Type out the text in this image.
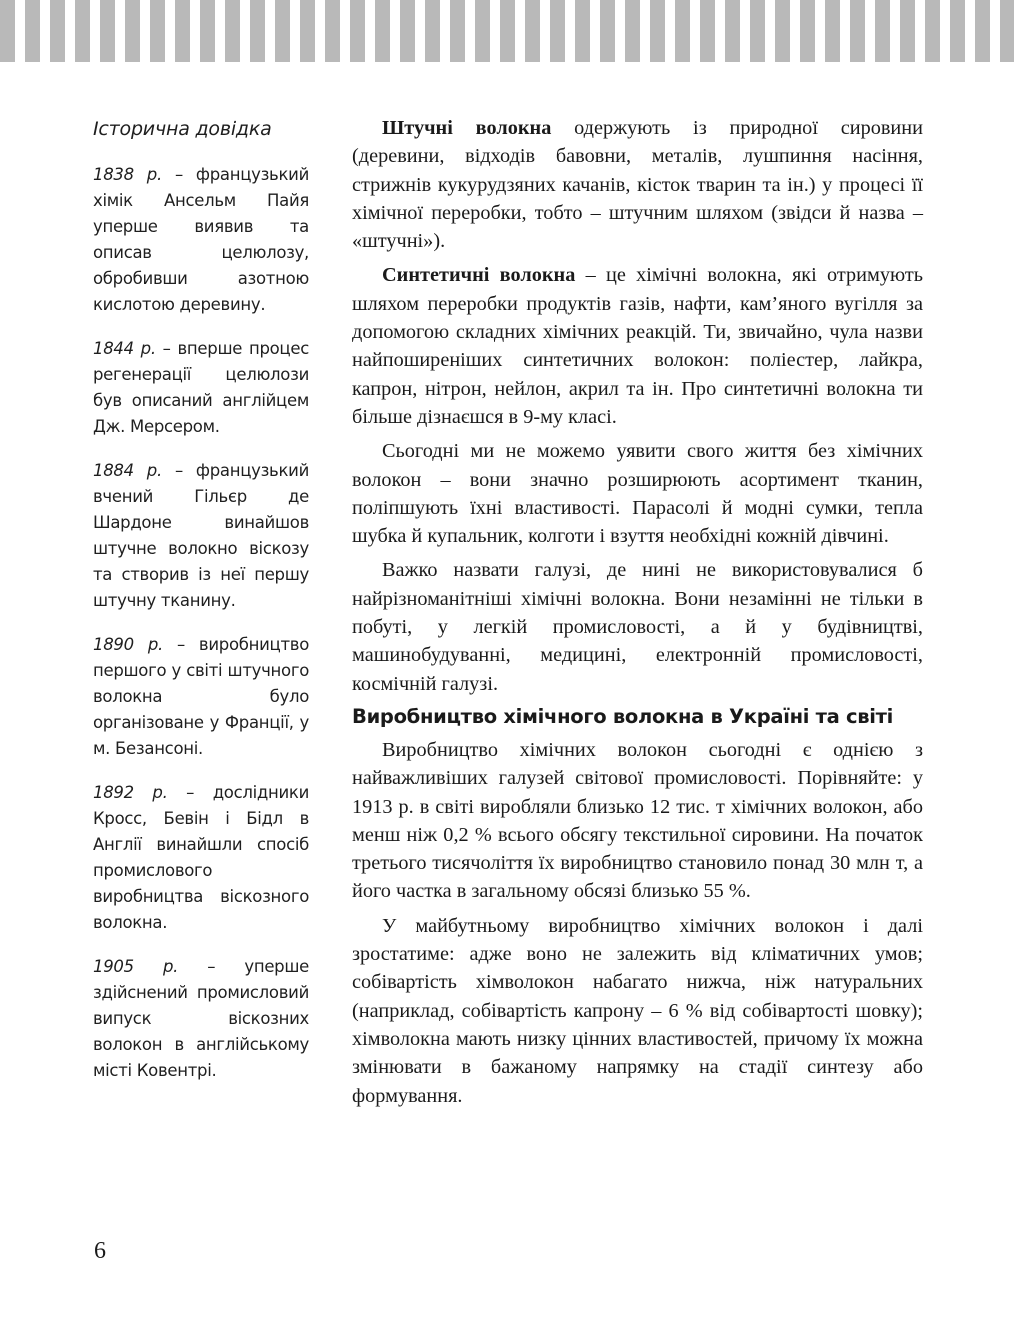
Історична довідка
1838 р. – французький хімік Ансельм Пайя уперше виявив та описав целюлозу, обробивши азотною кислотою деревину.
1844 р. – вперше процес регенерації целюлози був описаний англійцем Дж. Мерсером.
1884 р. – французький вчений Гільєр де Шардоне винайшов штучне волокно віскозу та створив із неї першу штучну тканину.
1890 р. – виробництво першого у світі штучного волокна було організоване у Франції, у м. Безансоні.
1892 р. – дослідники Кросс, Бевін і Бідл в Англії винайшли спосіб промислового виробництва віскозного волокна.
1905 р. – уперше здійснений промисловий випуск віскозних волокон в англійському місті Ковентрі.

Штучні волокна одержують із природної сировини (деревини, відходів бавовни, металів, лушпиння насіння, стрижнів кукурудзяних качанів, кісток тварин та ін.) у процесі її хімічної переробки, тобто – штучним шляхом (звідси й назва – «штучні»).

Синтетичні волокна – це хімічні волокна, які отримують шляхом переробки продуктів газів, нафти, кам’яного вугілля за допомогою складних хімічних реакцій. Ти, звичайно, чула назви найпоширеніших синтетичних волокон: поліестер, лайкра, капрон, нітрон, нейлон, акрил та ін. Про синтетичні волокна ти більше дізнаєшся в 9-му класі.

Сьогодні ми не можемо уявити свого життя без хімічних волокон – вони значно розширюють асортимент тканин, поліпшують їхні властивості. Парасолі й модні сумки, тепла шубка й купальник, колготи і взуття необхідні кожній дівчині.

Важко назвати галузі, де нині не використовувалися б найрізноманітніші хімічні волокна. Вони незамінні не тільки в побуті, у легкій промисловості, а й у будівництві, машинобудуванні, медицині, електронній промисловості, космічній галузі.

Виробництво хімічного волокна в Україні та світі

Виробництво хімічних волокон сьогодні є однією з найважливіших галузей світової промисловості. Порівняйте: у 1913 р. в світі виробляли близько 12 тис. т хімічних волокон, або менш ніж 0,2 % всього обсягу текстильної сировини. На початок третього тисячоліття їх виробництво становило понад 30 млн т, а його частка в загальному обсязі близько 55 %.

У майбутньому виробництво хімічних волокон і далі зростатиме: адже воно не залежить від кліматичних умов; собівартість хімволокон набагато нижча, ніж натуральних (наприклад, собівартість капрону – 6 % від собівартості шовку); хімволокна мають низку цінних властивостей, причому їх можна змінювати в бажаному напрямку на стадії синтезу або формування.

6
